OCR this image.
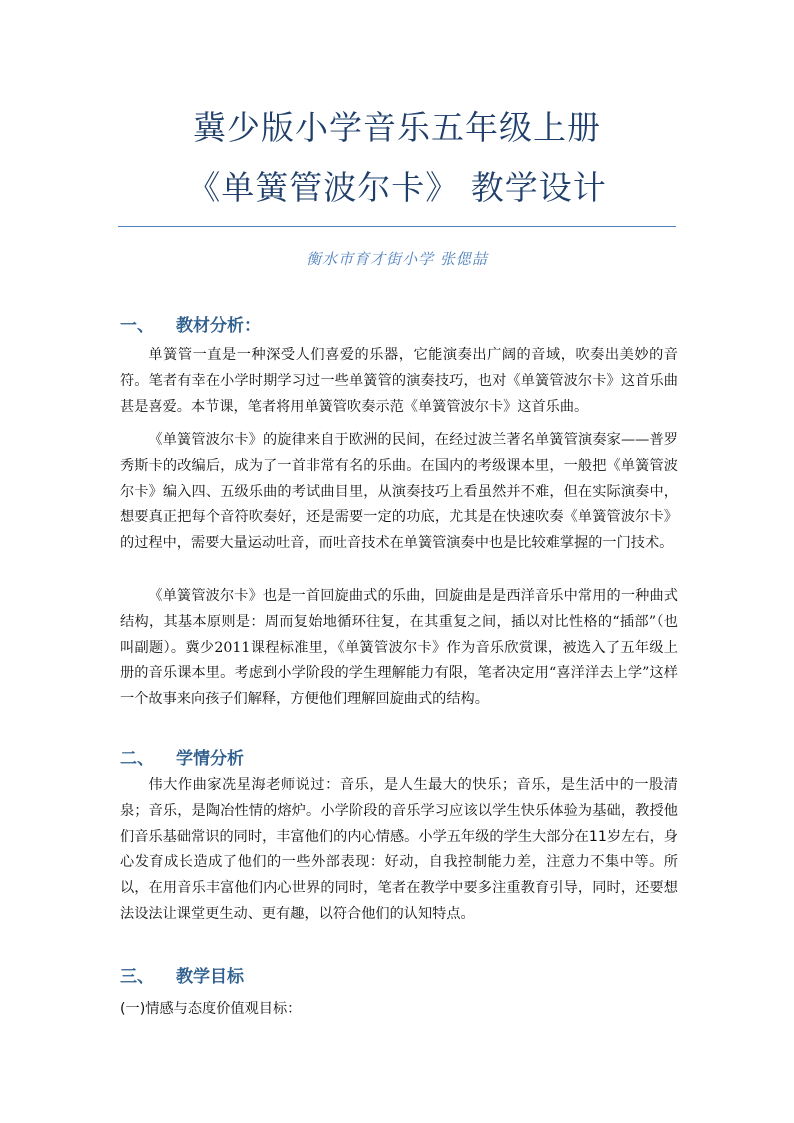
冀少版小学音乐五年级上册
《单簧管波尔卡》 教学设计
衡水市育才街小学 张偲喆
一、 教材分析：

单簧管一直是一种深受人们喜爱的乐器，它能演奏出广阔的音域，吹奏出美妙的音符。笔者有幸在小学时期学习过一些单簧管的演奏技巧，也对《单簧管波尔卡》这首乐曲甚是喜爱。本节课，笔者将用单簧管吹奏示范《单簧管波尔卡》这首乐曲。

《单簧管波尔卡》的旋律来自于欧洲的民间，在经过波兰著名单簧管演奏家——普罗秀斯卡的改编后，成为了一首非常有名的乐曲。在国内的考级课本里，一般把《单簧管波尔卡》编入四、五级乐曲的考试曲目里，从演奏技巧上看虽然并不难，但在实际演奏中，想要真正把每个音符吹奏好，还是需要一定的功底，尤其是在快速吹奏《单簧管波尔卡》的过程中，需要大量运动吐音，而吐音技术在单簧管演奏中也是比较难掌握的一门技术。

《单簧管波尔卡》也是一首回旋曲式的乐曲，回旋曲是是西洋音乐中常用的一种曲式结构，其基本原则是：周而复始地循环往复，在其重复之间，插以对比性格的“插部”（也叫副题）。冀少2011课程标准里，《单簧管波尔卡》作为音乐欣赏课，被选入了五年级上册的音乐课本里。考虑到小学阶段的学生理解能力有限，笔者决定用“喜洋洋去上学”这样一个故事来向孩子们解释，方便他们理解回旋曲式的结构。

二、 学情分析

伟大作曲家冼星海老师说过：音乐，是人生最大的快乐；音乐，是生活中的一股清泉；音乐，是陶冶性情的熔炉。小学阶段的音乐学习应该以学生快乐体验为基础，教授他们音乐基础常识的同时，丰富他们的内心情感。小学五年级的学生大部分在11岁左右，身心发育成长造成了他们的一些外部表现：好动，自我控制能力差，注意力不集中等。所以，在用音乐丰富他们内心世界的同时，笔者在教学中要多注重教育引导，同时，还要想法设法让课堂更生动、更有趣，以符合他们的认知特点。

三、 教学目标
(一)情感与态度价值观目标：
